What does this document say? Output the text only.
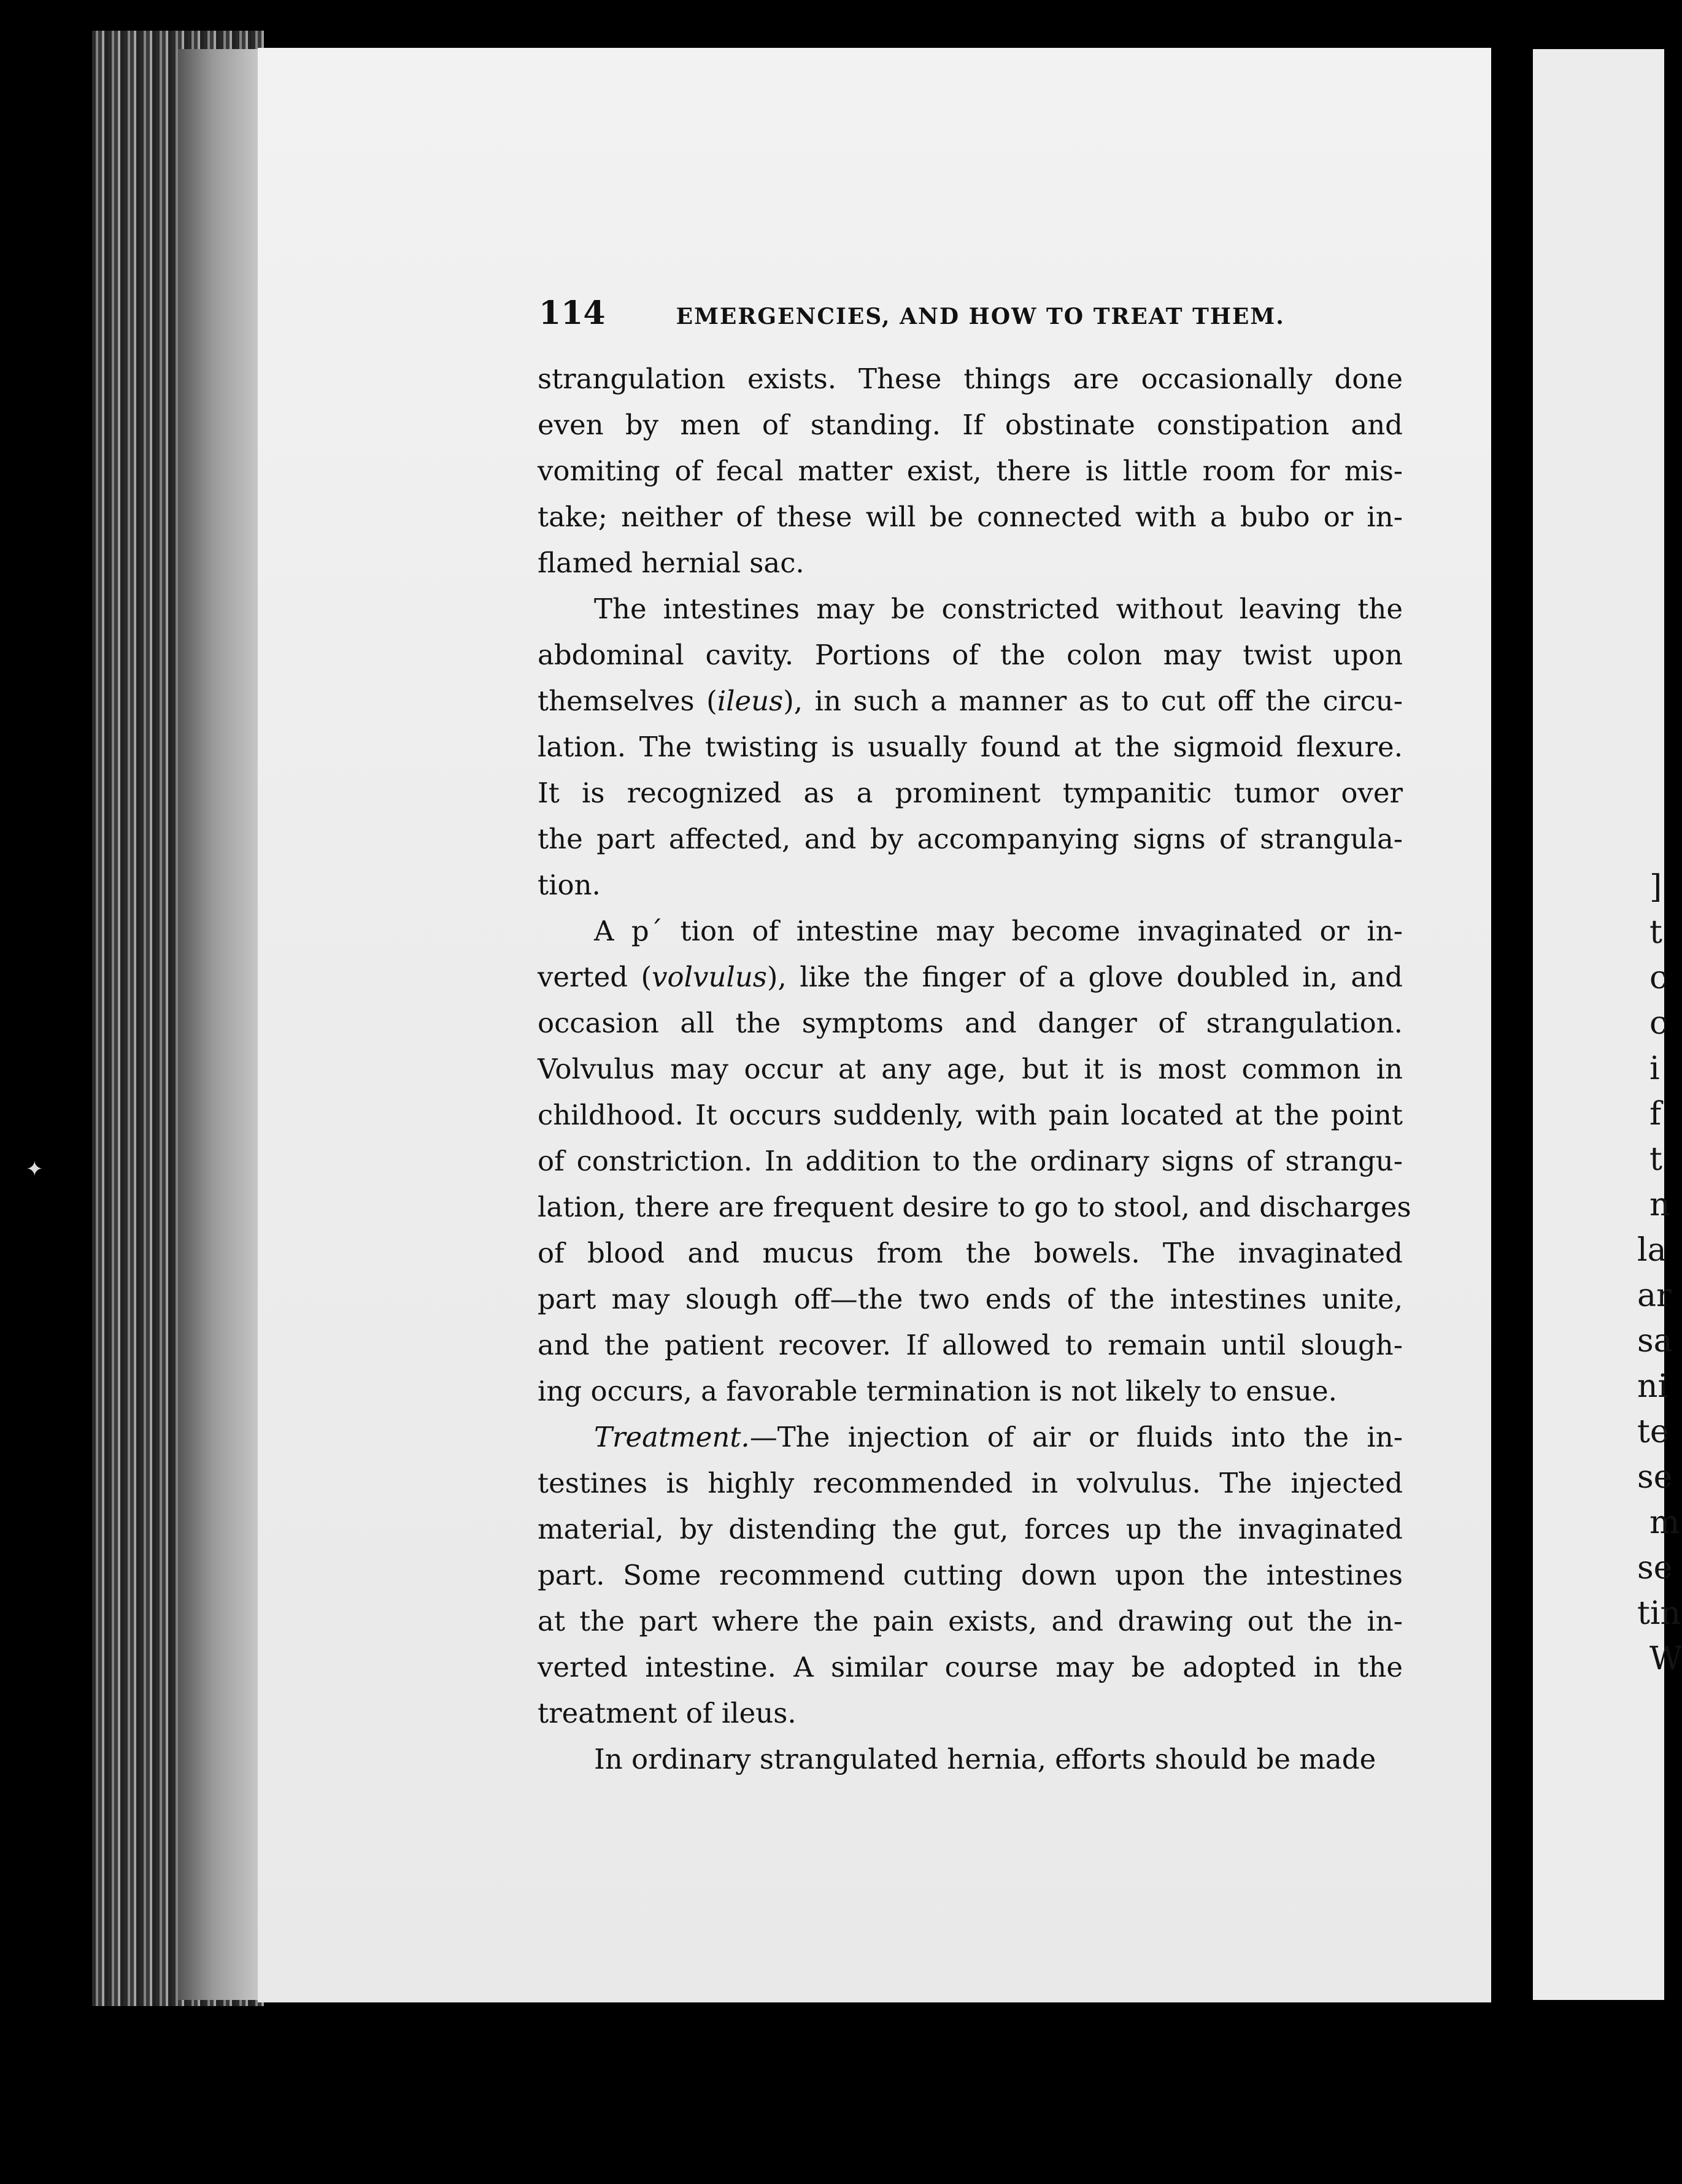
]
t
c
c
i
f
t
n
la
ar
sa
ni
te
se
m
se
tin
W
✦
114	EMERGENCIES, AND HOW TO TREAT THEM.
strangulation exists. These things are occasionally done
even by men of standing. If obstinate constipation and
vomiting of fecal matter exist, there is little room for mis-
take; neither of these will be connected with a bubo or in-
flamed hernial sac.
The intestines may be constricted without leaving the
abdominal cavity. Portions of the colon may twist upon
themselves (ileus), in such a manner as to cut off the circu-
lation. The twisting is usually found at the sigmoid flexure.
It is recognized as a prominent tympanitic tumor over
the part affected, and by accompanying signs of strangula-
tion.
A p´ tion of intestine may become invaginated or in-
verted (volvulus), like the finger of a glove doubled in, and
occasion all the symptoms and danger of strangulation.
Volvulus may occur at any age, but it is most common in
childhood. It occurs suddenly, with pain located at the point
of constriction. In addition to the ordinary signs of strangu-
lation, there are frequent desire to go to stool, and discharges
of blood and mucus from the bowels. The invaginated
part may slough off—the two ends of the intestines unite,
and the patient recover. If allowed to remain until slough-
ing occurs, a favorable termination is not likely to ensue.
Treatment.—The injection of air or fluids into the in-
testines is highly recommended in volvulus. The injected
material, by distending the gut, forces up the invaginated
part. Some recommend cutting down upon the intestines
at the part where the pain exists, and drawing out the in-
verted intestine. A similar course may be adopted in the
treatment of ileus.
In ordinary strangulated hernia, efforts should be made
